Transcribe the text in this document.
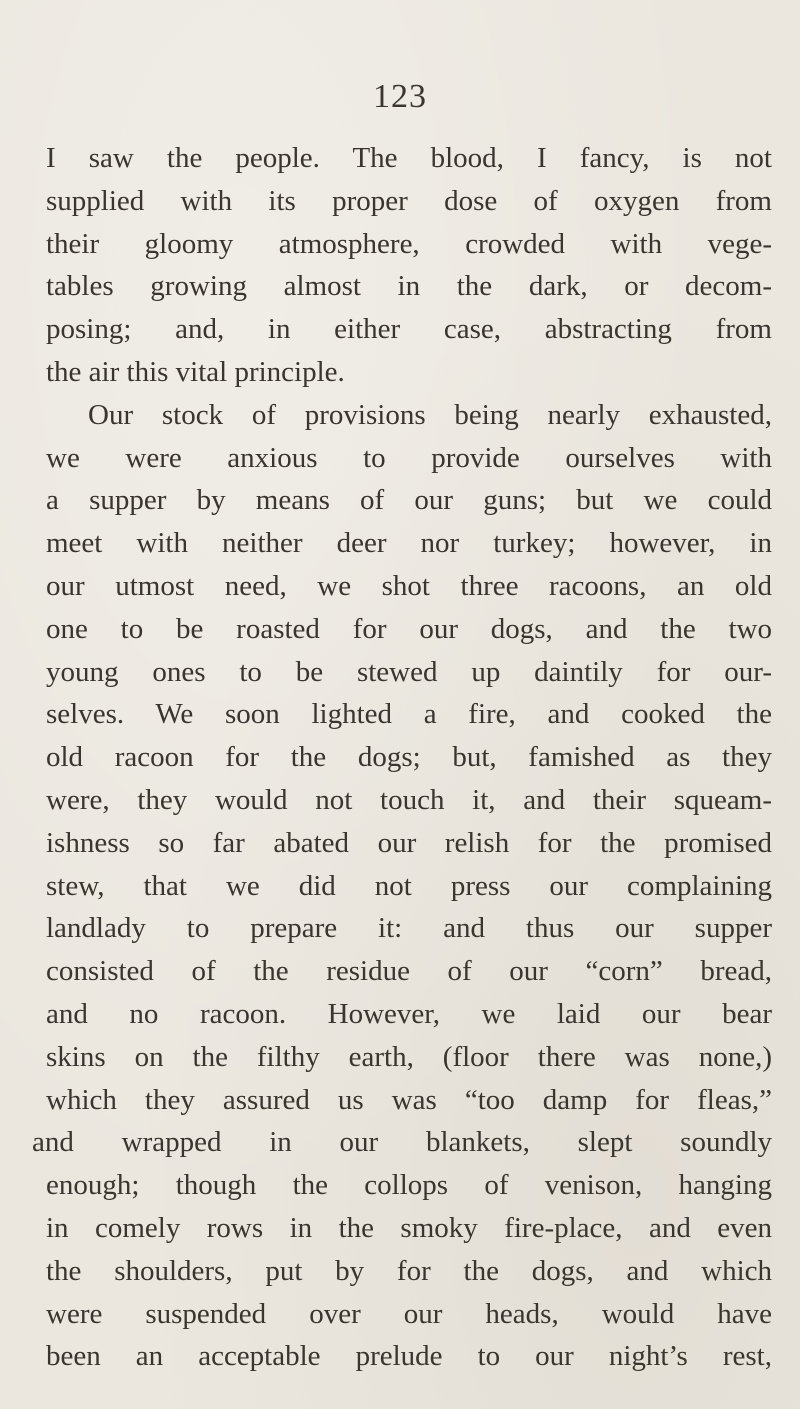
123
I saw the people. The blood, I fancy, is not
supplied with its proper dose of oxygen from
their gloomy atmosphere, crowded with vege-
tables growing almost in the dark, or decom-
posing; and, in either case, abstracting from
the air this vital principle.
Our stock of provisions being nearly exhausted,
we were anxious to provide ourselves with
a supper by means of our guns; but we could
meet with neither deer nor turkey; however, in
our utmost need, we shot three racoons, an old
one to be roasted for our dogs, and the two
young ones to be stewed up daintily for our-
selves. We soon lighted a fire, and cooked the
old racoon for the dogs; but, famished as they
were, they would not touch it, and their squeam-
ishness so far abated our relish for the promised
stew, that we did not press our complaining
landlady to prepare it: and thus our supper
consisted of the residue of our “corn” bread,
and no racoon. However, we laid our bear
skins on the filthy earth, (floor there was none,)
which they assured us was “too damp for fleas,”
and wrapped in our blankets, slept soundly
enough; though the collops of venison, hanging
in comely rows in the smoky fire-place, and even
the shoulders, put by for the dogs, and which
were suspended over our heads, would have
been an acceptable prelude to our night’s rest,
